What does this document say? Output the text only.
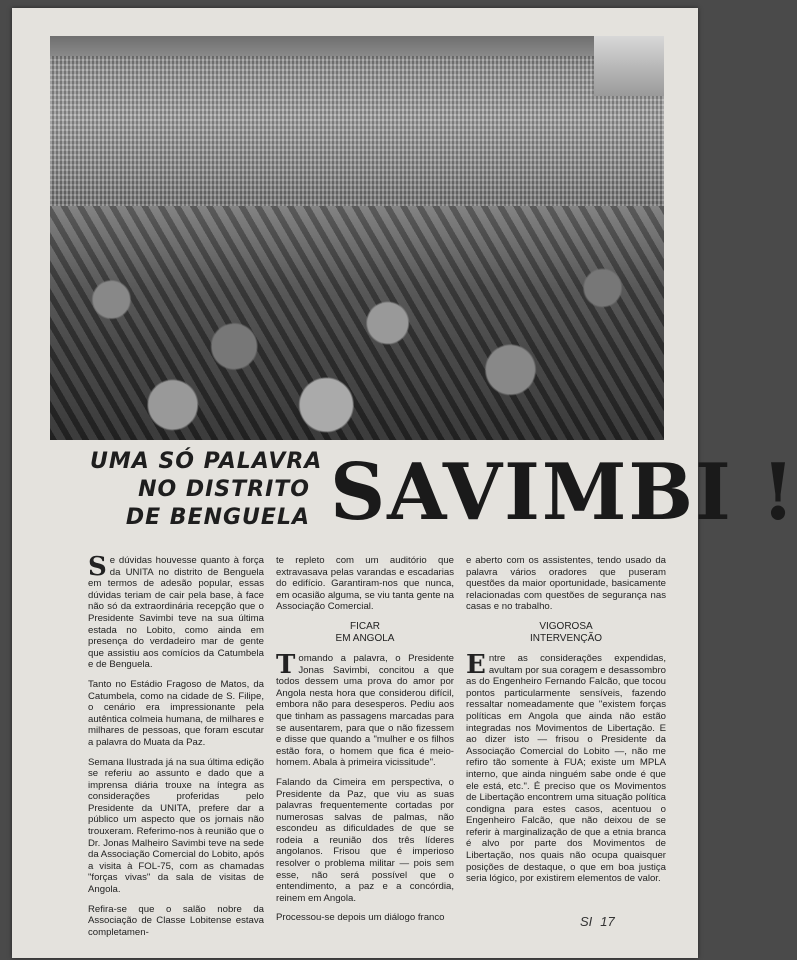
UMA SÓ PALAVRA
NO DISTRITO
DE BENGUELA SAVIMBI !

Se dúvidas houvesse quanto à força da UNITA no distrito de Benguela em termos de adesão popular, essas dúvidas teriam de cair pela base, à face não só da extraordinária recepção que o Presidente Savimbi teve na sua última estada no Lobito, como ainda em presença do verdadeiro mar de gente que assistiu aos comícios da Catumbela e de Benguela.

Tanto no Estádio Fragoso de Matos, da Catumbela, como na cidade de S. Filipe, o cenário era impressionante pela autêntica colmeia humana, de milhares e milhares de pessoas, que foram escutar a palavra do Muata da Paz.

Semana Ilustrada já na sua última edição se referiu ao assunto e dado que a imprensa diária trouxe na íntegra as considerações proferidas pelo Presidente da UNITA, prefere dar a público um aspecto que os jornais não trouxeram. Referimo-nos à reunião que o Dr. Jonas Malheiro Savimbi teve na sede da Associação Comercial do Lobito, após a visita à FOL-75, com as chamadas "forças vivas" da sala de visitas de Angola.

Refira-se que o salão nobre da Associação de Classe Lobitense estava completamen-

te repleto com um auditório que extravasava pelas varandas e escadarias do edifício. Garantiram-nos que nunca, em ocasião alguma, se viu tanta gente na Associação Comercial.

FICAR
EM ANGOLA

Tomando a palavra, o Presidente Jonas Savimbi, concitou a que todos dessem uma prova do amor por Angola nesta hora que considerou difícil, embora não para desesperos. Pediu aos que tinham as passagens marcadas para se ausentarem, para que o não fizessem e disse que quando a "mulher e os filhos estão fora, o homem que fica é meio-homem. Abala à primeira vicissitude".

Falando da Cimeira em perspectiva, o Presidente da Paz, que viu as suas palavras frequentemente cortadas por numerosas salvas de palmas, não escondeu as dificuldades de que se rodeia a reunião dos três líderes angolanos. Frisou que é imperioso resolver o problema militar — pois sem esse, não será possível que o entendimento, a paz e a concórdia, reinem em Angola.

Processou-se depois um diálogo franco

e aberto com os assistentes, tendo usado da palavra vários oradores que puseram questões da maior oportunidade, basicamente relacionadas com questões de segurança nas casas e no trabalho.

VIGOROSA
INTERVENÇÃO

Entre as considerações expendidas, avultam por sua coragem e desassombro as do Engenheiro Fernando Falcão, que tocou pontos particularmente sensíveis, fazendo ressaltar nomeadamente que "existem forças políticas em Angola que ainda não estão integradas nos Movimentos de Libertação. E ao dizer isto — frisou o Presidente da Associação Comercial do Lobito —, não me refiro tão somente à FUA; existe um MPLA interno, que ainda ninguém sabe onde é que ele está, etc.". É preciso que os Movimentos de Libertação encontrem uma situação política condigna para estes casos, acentuou o Engenheiro Falcão, que não deixou de se referir à marginalização de que a etnia branca é alvo por parte dos Movimentos de Libertação, nos quais não ocupa quaisquer posições de destaque, o que em boa justiça seria lógico, por existirem elementos de valor.

SI 17
